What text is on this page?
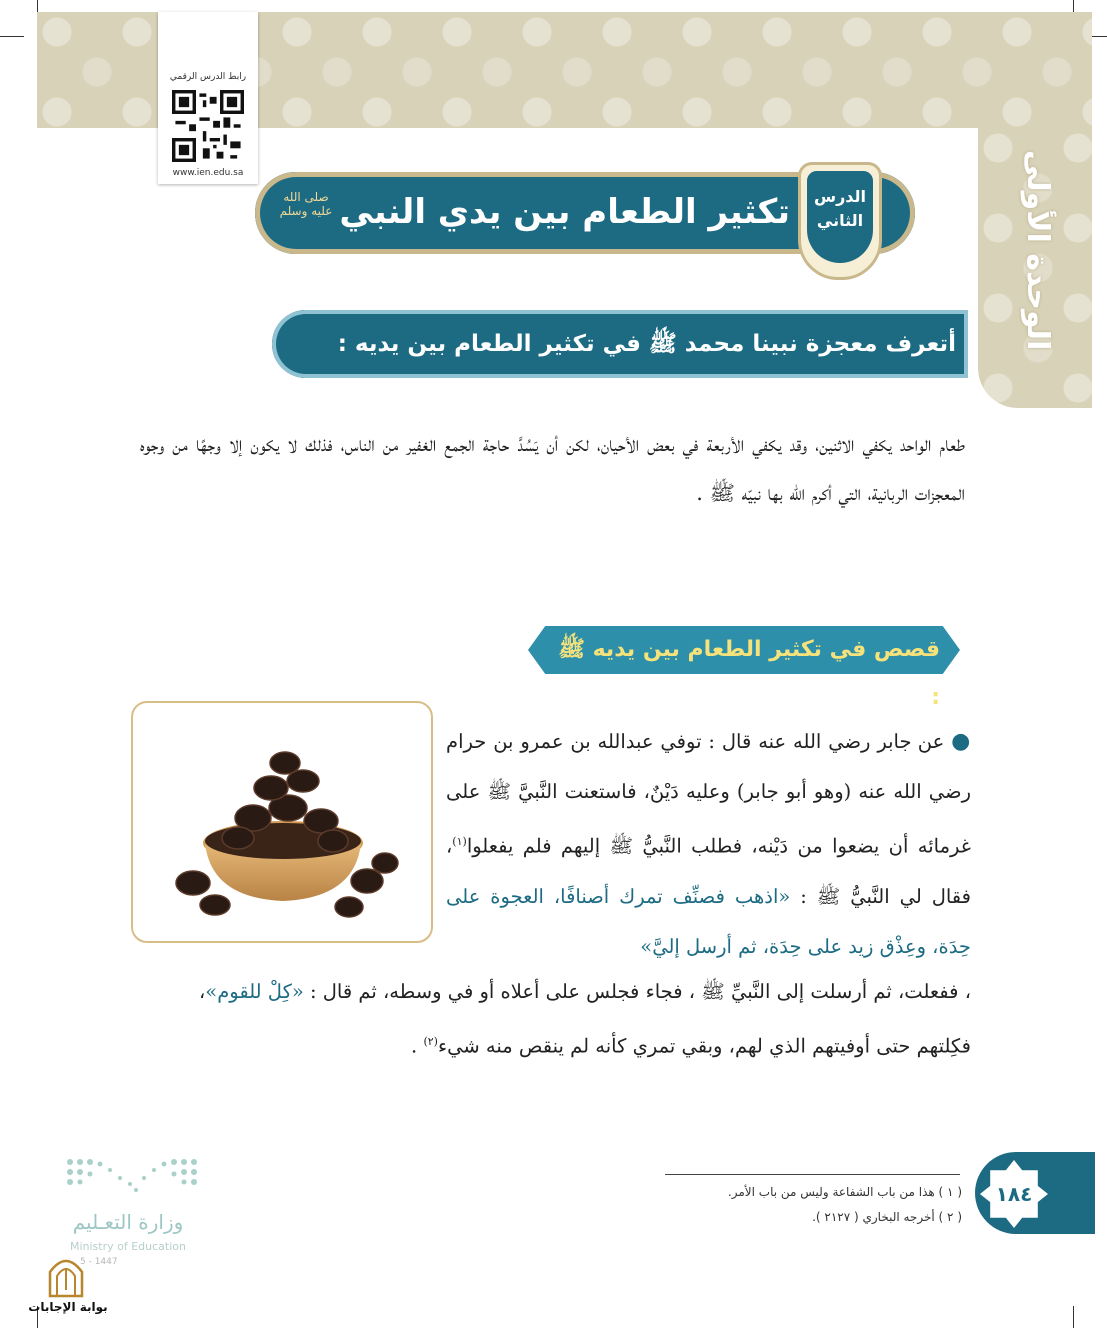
الوحدة الأولى
رابط الدرس الرقمي
www.ien.edu.sa
تكثير الطعام بين يدي النبي
صلى الله عليه وسلم
الدرس الثاني
أتعرف معجزة نبينا محمد ﷺ في تكثير الطعام بين يديه :
طعام الواحد يكفي الاثنين، وقد يكفي الأربعة في بعض الأحيان، لكن أن يَسُدَّ حاجة الجمع الغفير من الناس، فذلك لا يكون إلا وجهًا من وجوه المعجزات الربانية، التي أكرم الله بها نبيّه ﷺ .
قصص في تكثير الطعام بين يديه ﷺ :
● عن جابر رضي الله عنه قال : توفي عبدالله بن عمرو بن حرام رضي الله عنه (وهو أبو جابر) وعليه دَيْنٌ، فاستعنت النَّبيَّ ﷺ على غرمائه أن يضعوا من دَيْنه، فطلب النَّبيُّ ﷺ إليهم فلم يفعلوا$^{(١)}$، فقال لي النَّبيُّ ﷺ : «اذهب فصنِّف تمرك أصنافًا، العجوة على حِدَة، وعِذْق زيد على حِدَة، ثم أرسل إليَّ»
، ففعلت، ثم أرسلت إلى النَّبيِّ ﷺ ، فجاء فجلس على أعلاه أو في وسطه، ثم قال : «كِلْ للقوم»، فكِلتهم حتى أوفيتهم الذي لهم، وبقي تمري كأنه لم ينقص منه شيء$^{(٢)}$ .
( ١ ) هذا من باب الشفاعة وليس من باب الأمر.
( ٢ ) أخرجه البخاري ( ٢١٢٧ ).
١٨٤
وزارة التعـليم
Ministry of Education
5 - 1447
بوابة الإجابات
